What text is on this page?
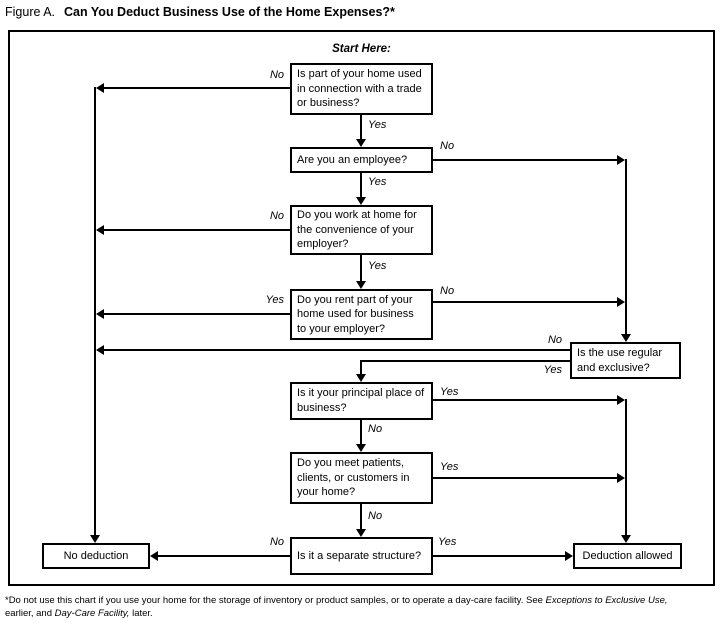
Figure A. Can You Deduct Business Use of the Home Expenses?*
Start Here:
Is part of your home used in connection with a trade or business?
Are you an employee?
Do you work at home for the convenience of your employer?
Do you rent part of your home used for business to your employer?
Is the use regular and exclusive?
Is it your principal place of business?
Do you meet patients, clients, or customers in your home?
Is it a separate structure?
No deduction	Deduction allowed
No
Yes
No
Yes
No
Yes
Yes
No
No
Yes
Yes
No
Yes
No
No	Yes
*Do not use this chart if you use your home for the storage of inventory or product samples, or to operate a day-care facility. See Exceptions to Exclusive Use,
earlier, and Day-Care Facility, later.
